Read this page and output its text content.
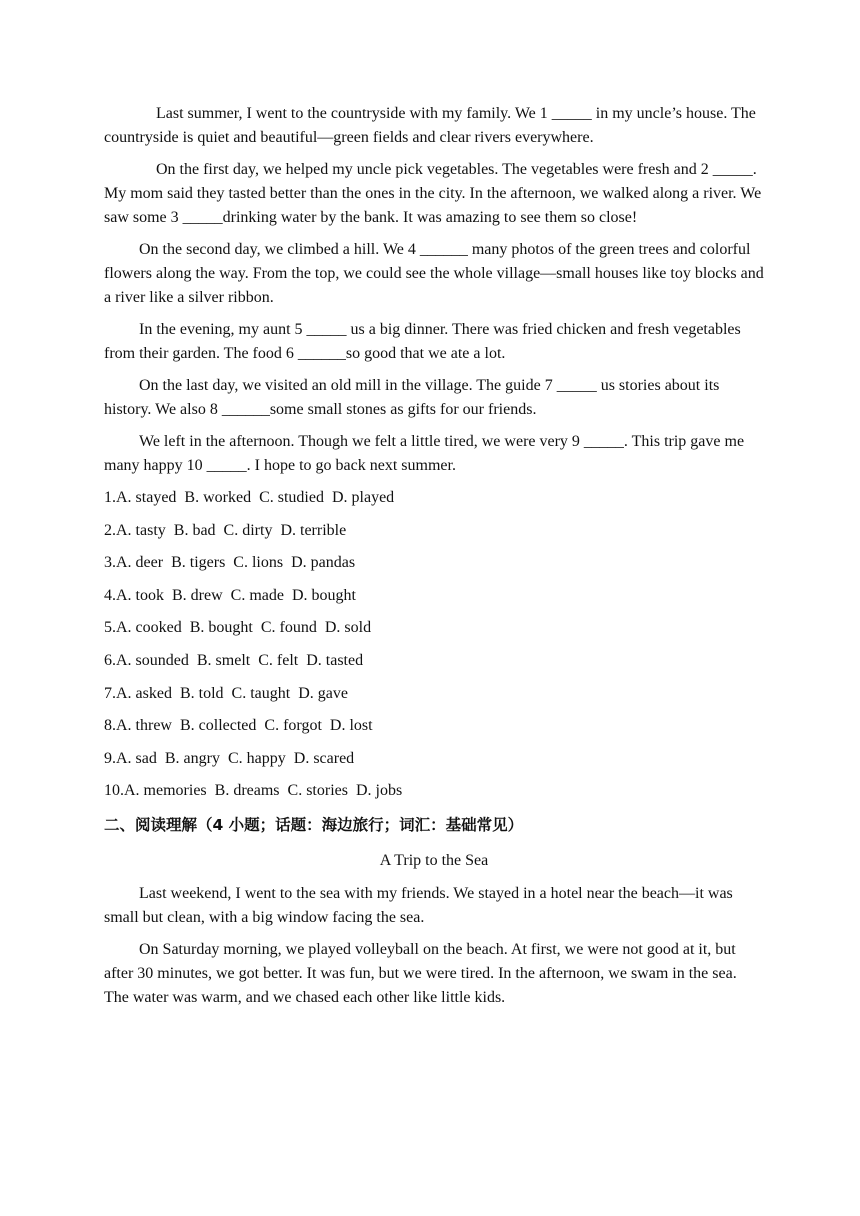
Last summer, I went to the countryside with my family. We 1 _____ in my uncle’s house. The countryside is quiet and beautiful—green fields and clear rivers everywhere.

On the first day, we helped my uncle pick vegetables. The vegetables were fresh and 2 _____. My mom said they tasted better than the ones in the city. In the afternoon, we walked along a river. We saw some 3 _____drinking water by the bank. It was amazing to see them so close!

On the second day, we climbed a hill. We 4 ______ many photos of the green trees and colorful flowers along the way. From the top, we could see the whole village—small houses like toy blocks and a river like a silver ribbon.

In the evening, my aunt 5 _____ us a big dinner. There was fried chicken and fresh vegetables from their garden. The food 6 ______so good that we ate a lot.

On the last day, we visited an old mill in the village. The guide 7 _____ us stories about its history. We also 8 ______some small stones as gifts for our friends.

We left in the afternoon. Though we felt a little tired, we were very 9 _____. This trip gave me many happy 10 _____. I hope to go back next summer.

1.A. stayed  B. worked  C. studied  D. played

2.A. tasty  B. bad  C. dirty  D. terrible

3.A. deer  B. tigers  C. lions  D. pandas

4.A. took  B. drew  C. made  D. bought

5.A. cooked  B. bought  C. found  D. sold

6.A. sounded  B. smelt  C. felt  D. tasted

7.A. asked  B. told  C. taught  D. gave

8.A. threw  B. collected  C. forgot  D. lost

9.A. sad  B. angry  C. happy  D. scared

10.A. memories  B. dreams  C. stories  D. jobs

二、阅读理解（4 小题；话题：海边旅行；词汇：基础常见）

A Trip to the Sea

Last weekend, I went to the sea with my friends. We stayed in a hotel near the beach—it was small but clean, with a big window facing the sea.

On Saturday morning, we played volleyball on the beach. At first, we were not good at it, but after 30 minutes, we got better. It was fun, but we were tired. In the afternoon, we swam in the sea. The water was warm, and we chased each other like little kids.
